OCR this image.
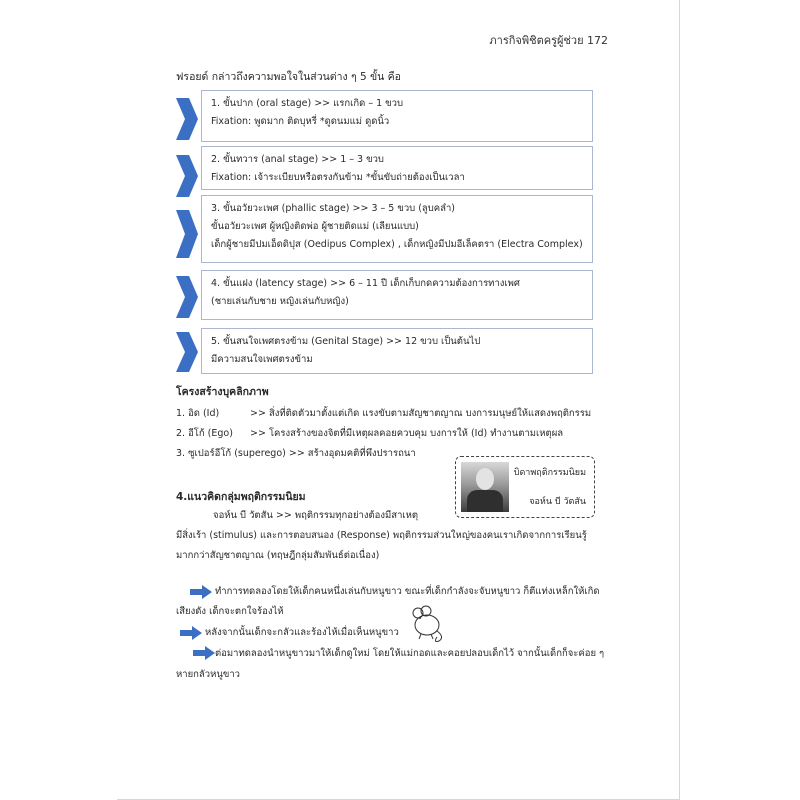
ภารกิจพิชิตครูผู้ช่วย 172
ฟรอยด์ กล่าวถึงความพอใจในส่วนต่าง ๆ 5 ขั้น คือ
1. ขั้นปาก (oral stage) >> แรกเกิด – 1 ขวบ
Fixation: พูดมาก ติดบุหรี่ *ดูดนมแม่ ดูดนิ้ว
2. ขั้นทวาร (anal stage) >> 1 – 3 ขวบ
Fixation: เจ้าระเบียบหรือตรงกันข้าม *ขั้นขับถ่ายต้องเป็นเวลา
3. ขั้นอวัยวะเพศ (phallic stage) >> 3 – 5 ขวบ (ลูบคลำ)
ขั้นอวัยวะเพศ ผู้หญิงติดพ่อ ผู้ชายติดแม่ (เลียนแบบ)
เด็กผู้ชายมีปมเอ็ดดิปุส (Oedipus Complex) , เด็กหญิงมีปมอีเล็คตรา (Electra Complex)
4. ขั้นแฝง (latency stage) >> 6 – 11 ปี เด็กเก็บกดความต้องการทางเพศ
(ชายเล่นกับชาย หญิงเล่นกับหญิง)
5. ขั้นสนใจเพศตรงข้าม (Genital Stage) >> 12 ขวบ เป็นต้นไป
มีความสนใจเพศตรงข้าม
โครงสร้างบุคลิกภาพ
1. อิด (Id)	>> สิ่งที่ติดตัวมาตั้งแต่เกิด แรงขับตามสัญชาตญาณ บงการมนุษย์ให้แสดงพฤติกรรม
2. อีโก้ (Ego) >> โครงสร้างของจิตที่มีเหตุผลคอยควบคุม บงการให้ (Id) ทำงานตามเหตุผล
3. ซูเปอร์อีโก้ (superego) >> สร้างอุดมคติที่พึงปรารถนา
บิดาพฤติกรรมนิยม
จอห์น บี วัตสัน
4.แนวคิดกลุ่มพฤติกรรมนิยม
จอห์น บี วัตสัน >> พฤติกรรมทุกอย่างต้องมีสาเหตุ
มีสิ่งเร้า (stimulus) และการตอบสนอง (Response) พฤติกรรมส่วนใหญ่ของคนเราเกิดจากการเรียนรู้
มากกว่าสัญชาตญาณ (ทฤษฎีกลุ่มสัมพันธ์ต่อเนื่อง)
ทำการทดลองโดยให้เด็กคนหนึ่งเล่นกับหนูขาว ขณะที่เด็กกำลังจะจับหนูขาว ก็ตีแท่งเหล็กให้เกิด
เสียงดัง เด็กจะตกใจร้องไห้
หลังจากนั้นเด็กจะกลัวและร้องไห้เมื่อเห็นหนูขาว
ต่อมาทดลองนำหนูขาวมาให้เด็กดูใหม่ โดยให้แม่กอดและคอยปลอบเด็กไว้ จากนั้นเด็กก็จะค่อย ๆ
หายกลัวหนูขาว
